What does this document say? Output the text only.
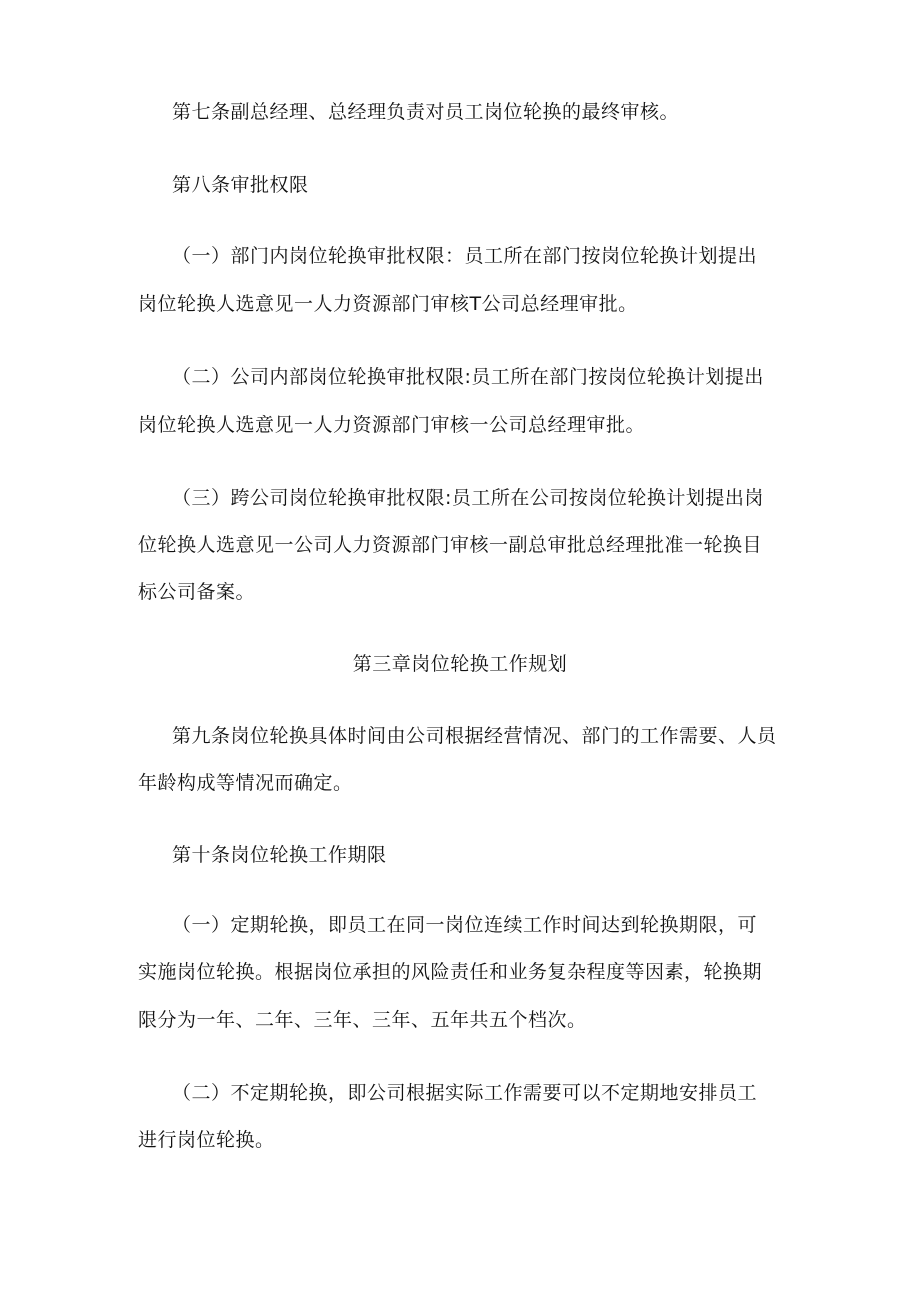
第七条副总经理、总经理负责对员工岗位轮换的最终审核。
第八条审批权限
（一）部门内岗位轮换审批权限：员工所在部门按岗位轮换计划提出
岗位轮换人选意见一人力资源部门审核T公司总经理审批。
（二）公司内部岗位轮换审批权限:员工所在部门按岗位轮换计划提出
岗位轮换人选意见一人力资源部门审核一公司总经理审批。
（三）跨公司岗位轮换审批权限:员工所在公司按岗位轮换计划提出岗
位轮换人选意见一公司人力资源部门审核一副总审批总经理批准一轮换目
标公司备案。
第三章岗位轮换工作规划
第九条岗位轮换具体时间由公司根据经营情况、部门的工作需要、人员
年龄构成等情况而确定。
第十条岗位轮换工作期限
（一）定期轮换，即员工在同一岗位连续工作时间达到轮换期限，可
实施岗位轮换。根据岗位承担的风险责任和业务复杂程度等因素，轮换期
限分为一年、二年、三年、三年、五年共五个档次。
（二）不定期轮换，即公司根据实际工作需要可以不定期地安排员工
进行岗位轮换。
